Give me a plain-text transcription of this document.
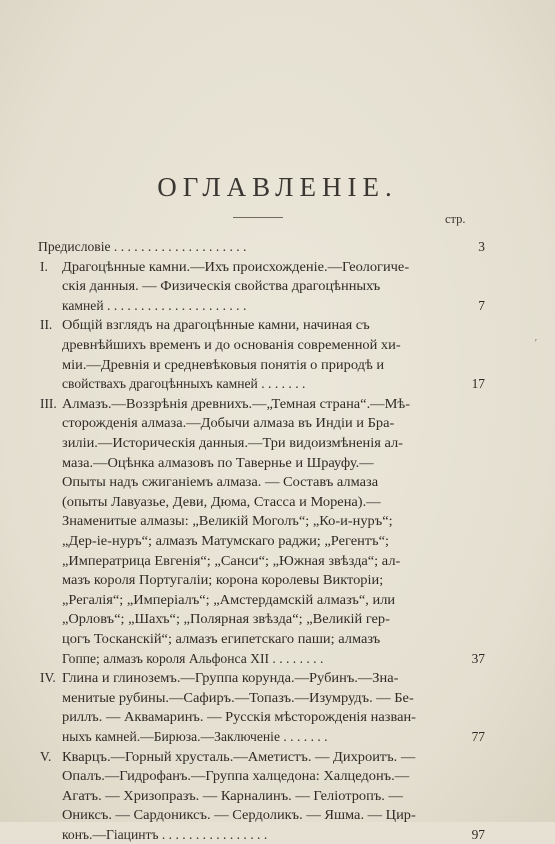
ОГЛАВЛЕНІЕ.
стр.
Предисловіе . . . . . . . . . . . . . . . . . . . .	3
I. Драгоцѣнные камни.—Ихъ происхожденіе.—Геологиче-
скія данныя. — Физическія свойства драгоцѣнныхъ
камней . . . . . . . . . . . . . . . . . . . . .	7
II. Общій взглядъ на драгоцѣнные камни, начиная съ
древнѣйшихъ временъ и до основанія современной хи-
міи.—Древнія и средневѣковыя понятія о природѣ и
свойствахъ драгоцѣнныхъ камней . . . . . . .	17
III. Алмазъ.—Воззрѣнія древнихъ.—„Темная страна“.—Мѣ-
сторожденія алмаза.—Добычи алмаза въ Индіи и Бра-
зиліи.—Историческія данныя.—Три видоизмѣненія ал-
маза.—Оцѣнка алмазовъ по Тавернье и Шрауфу.—
Опыты надъ сжиганіемъ алмаза. — Составъ алмаза
(опыты Лавуазье, Деви, Дюма, Стасса и Морена).—
Знаменитые алмазы: „Великій Моголъ“; „Ко-и-нуръ“;
„Дер-іе-нуръ“; алмазъ Матумскаго раджи; „Регентъ“;
„Императрица Евгенія“; „Санси“; „Южная звѣзда“; ал-
мазъ короля Португаліи; корона королевы Викторіи;
„Регалія“; „Имперіалъ“; „Амстердамскій алмазъ“, или
„Орловъ“; „Шахъ“; „Полярная звѣзда“; „Великій гер-
цогъ Тосканскій“; алмазъ египетскаго паши; алмазъ
Гоппе; алмазъ короля Альфонса XII . . . . . . . .	37
IV. Глина и глиноземъ.—Группа корунда.—Рубинъ.—Зна-
менитые рубины.—Сафиръ.—Топазъ.—Изумрудъ. — Бе-
риллъ. — Аквамаринъ. — Русскія мѣсторожденія назван-
ныхъ камней.—Бирюза.—Заключеніе . . . . . . .	77
V. Кварцъ.—Горный хрусталь.—Аметистъ. — Дихроитъ. —
Опалъ.—Гидрофанъ.—Группа халцедона: Халцедонъ.—
Агатъ. — Хризопразъ. — Карналинъ. — Геліотропъ. —
Ониксъ. — Сардониксъ. — Сердоликъ. — Яшма. — Цир-
конъ.—Гіацинтъ . . . . . . . . . . . . . . . .	97
ʹ
